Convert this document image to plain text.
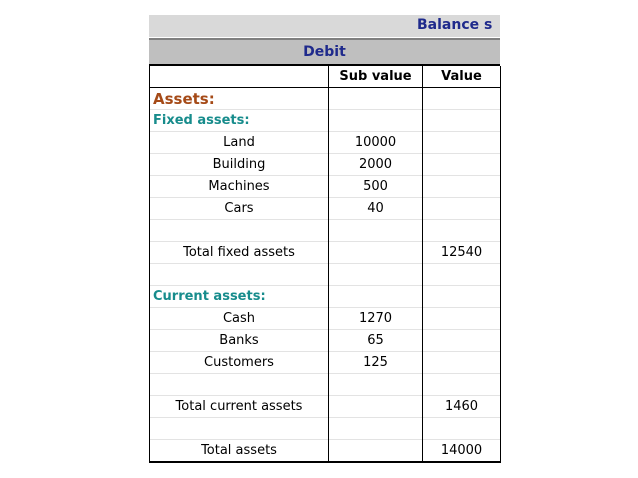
Balance s
Debit
	Sub value	Value
Assets:		
Fixed assets:		
Land	10000	
Building	2000	
Machines	500	
Cars	40	

Total fixed assets		12540

Current assets:		
Cash	1270	
Banks	65	
Customers	125	

Total current assets		1460

Total assets		14000
